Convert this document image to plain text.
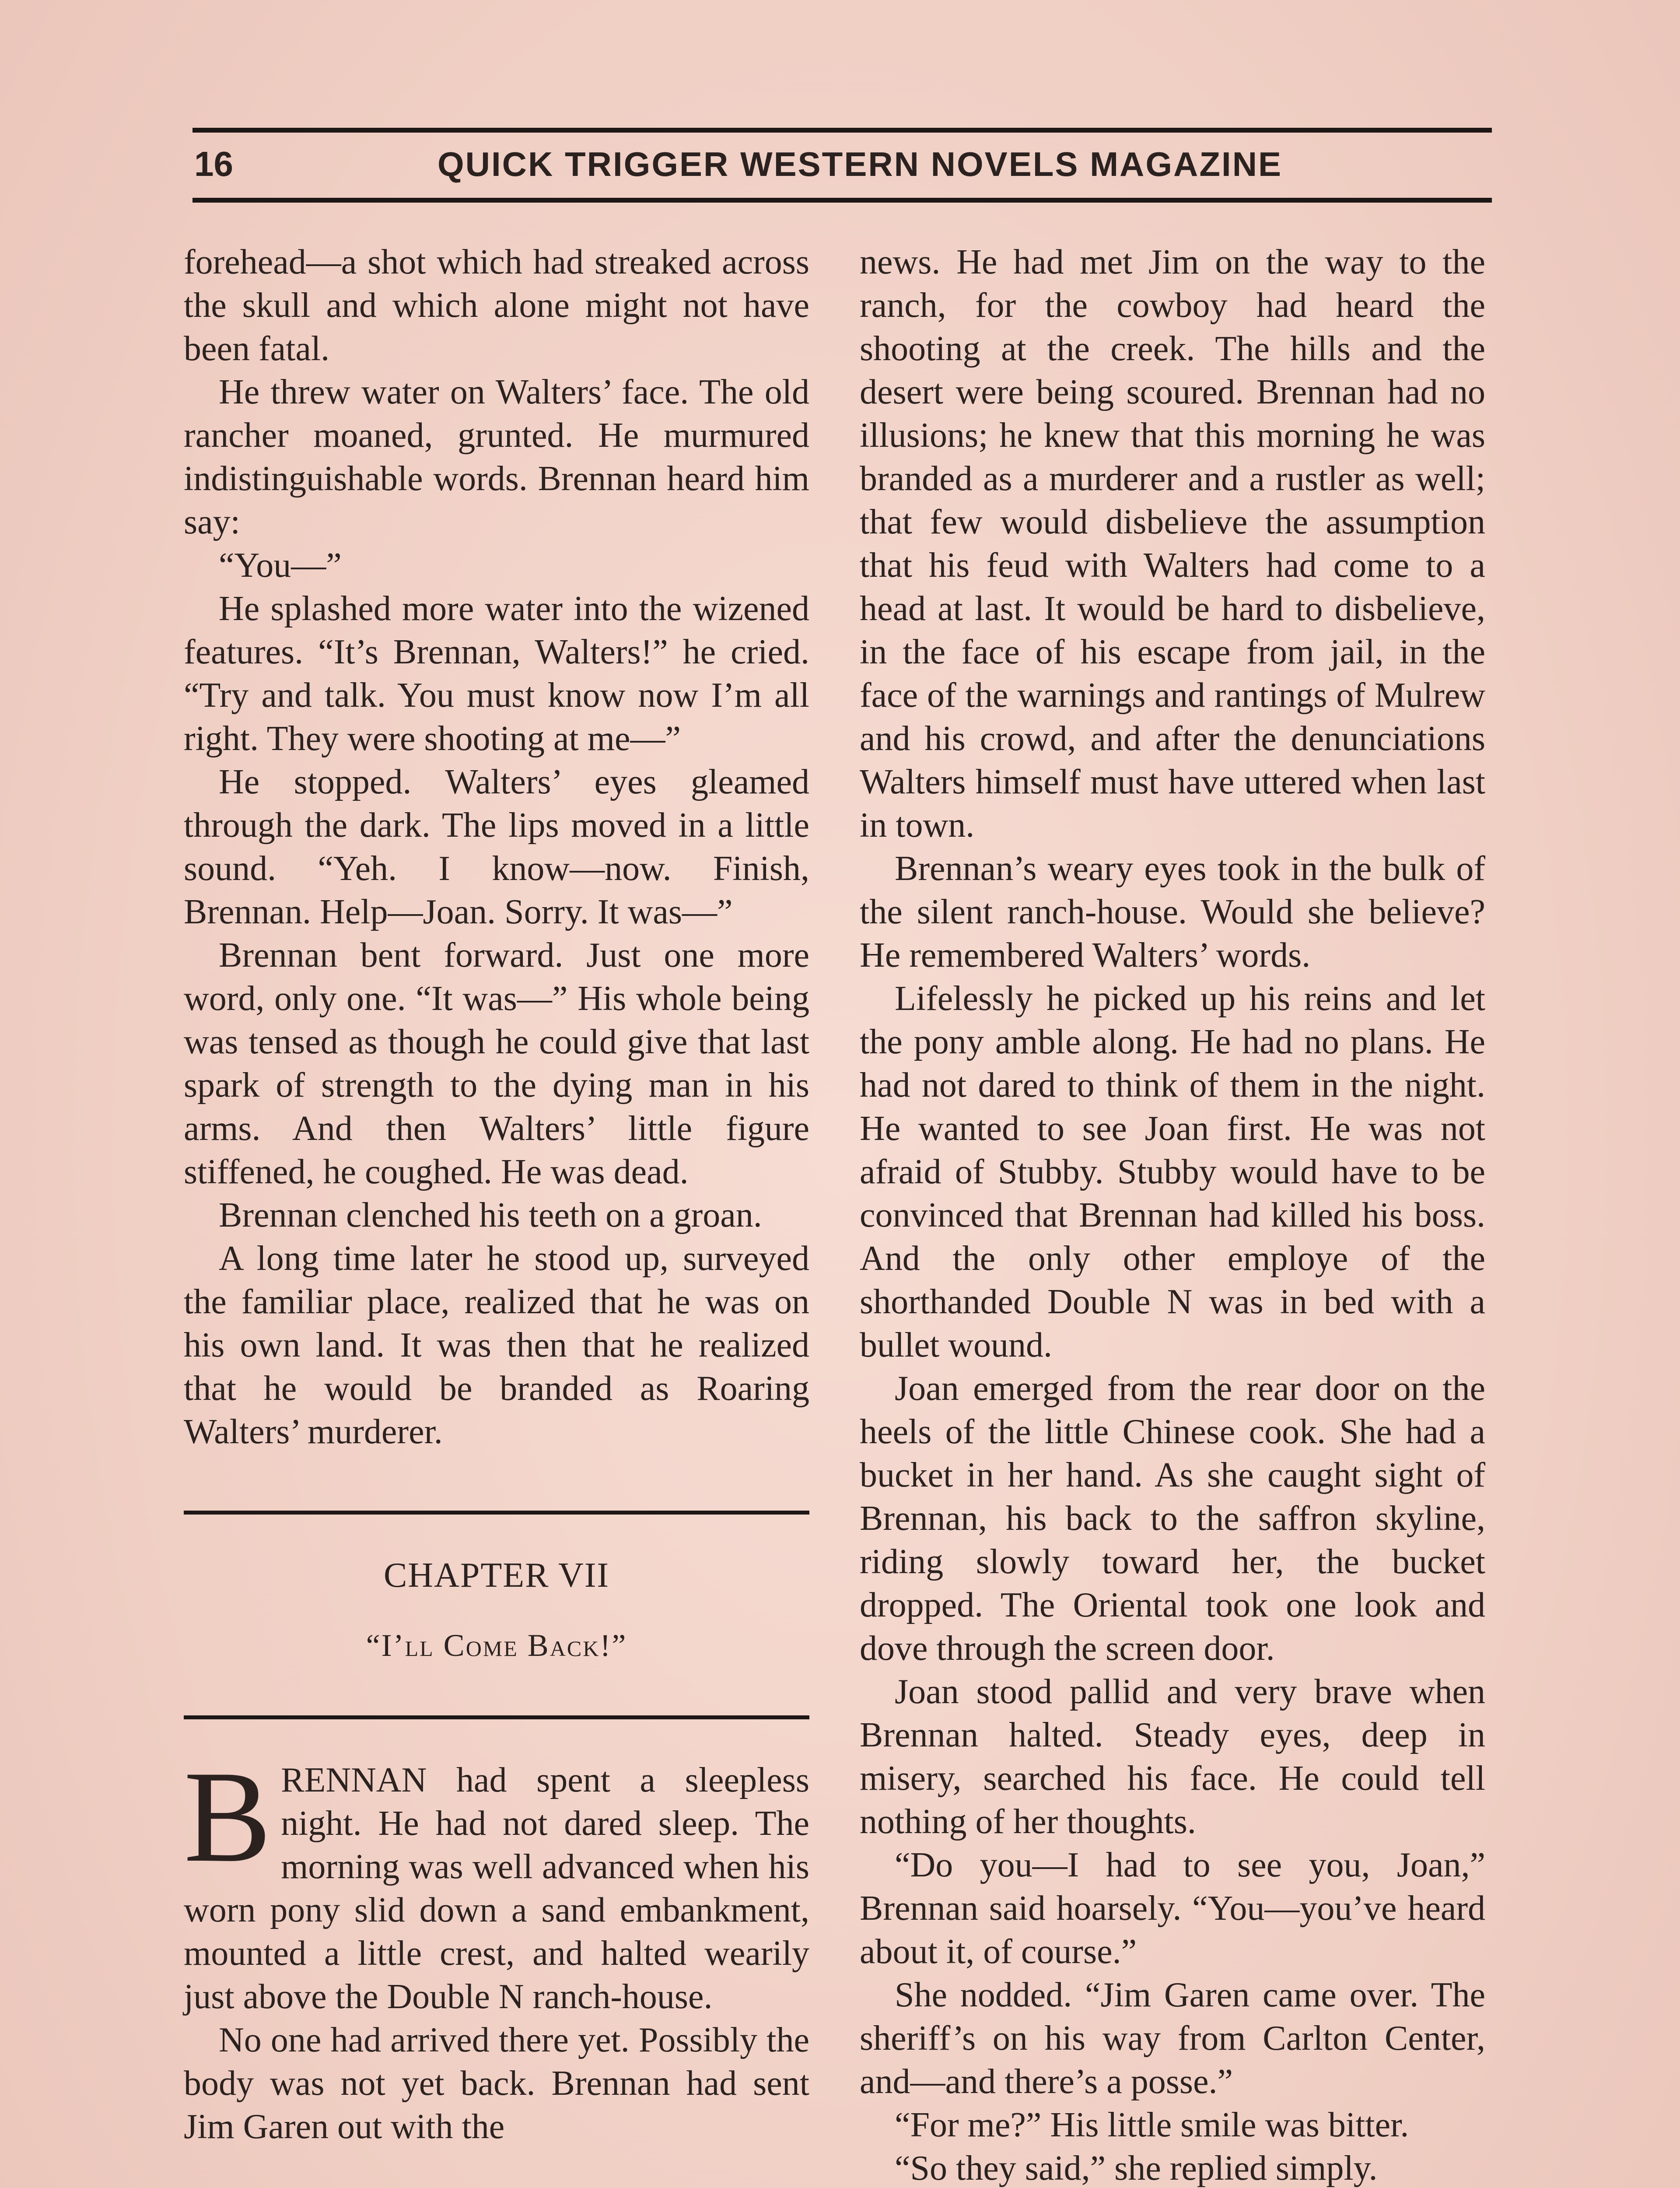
16	QUICK TRIGGER WESTERN NOVELS MAGAZINE

forehead—a shot which had streaked across the skull and which alone might not have been fatal.

He threw water on Walters’ face. The old rancher moaned, grunted. He murmured indistinguishable words. Brennan heard him say:

“You—”

He splashed more water into the wizened features. “It’s Brennan, Walters!” he cried. “Try and talk. You must know now I’m all right. They were shooting at me—”

He stopped. Walters’ eyes gleamed through the dark. The lips moved in a little sound. “Yeh. I know—now. Finish, Brennan. Help—Joan. Sorry. It was—”

Brennan bent forward. Just one more word, only one. “It was—” His whole being was tensed as though he could give that last spark of strength to the dying man in his arms. And then Walters’ little figure stiffened, he coughed. He was dead.

Brennan clenched his teeth on a groan.

A long time later he stood up, surveyed the familiar place, realized that he was on his own land. It was then that he realized that he would be branded as Roaring Walters’ murderer.

CHAPTER VII
“I’ll Come Back!”

BRENNAN had spent a sleepless night. He had not dared sleep. The morning was well advanced when his worn pony slid down a sand embankment, mounted a little crest, and halted wearily just above the Double N ranch-house.

No one had arrived there yet. Possibly the body was not yet back. Brennan had sent Jim Garen out with the

news. He had met Jim on the way to the ranch, for the cowboy had heard the shooting at the creek. The hills and the desert were being scoured. Brennan had no illusions; he knew that this morning he was branded as a murderer and a rustler as well; that few would disbelieve the assumption that his feud with Walters had come to a head at last. It would be hard to disbelieve, in the face of his escape from jail, in the face of the warnings and rantings of Mulrew and his crowd, and after the denunciations Walters himself must have uttered when last in town.

Brennan’s weary eyes took in the bulk of the silent ranch-house. Would she believe? He remembered Walters’ words.

Lifelessly he picked up his reins and let the pony amble along. He had no plans. He had not dared to think of them in the night. He wanted to see Joan first. He was not afraid of Stubby. Stubby would have to be convinced that Brennan had killed his boss. And the only other employe of the shorthanded Double N was in bed with a bullet wound.

Joan emerged from the rear door on the heels of the little Chinese cook. She had a bucket in her hand. As she caught sight of Brennan, his back to the saffron skyline, riding slowly toward her, the bucket dropped. The Oriental took one look and dove through the screen door.

Joan stood pallid and very brave when Brennan halted. Steady eyes, deep in misery, searched his face. He could tell nothing of her thoughts.

“Do you—I had to see you, Joan,” Brennan said hoarsely. “You—you’ve heard about it, of course.”

She nodded. “Jim Garen came over. The sheriff’s on his way from Carlton Center, and—and there’s a posse.”

“For me?” His little smile was bitter.

“So they said,” she replied simply.
